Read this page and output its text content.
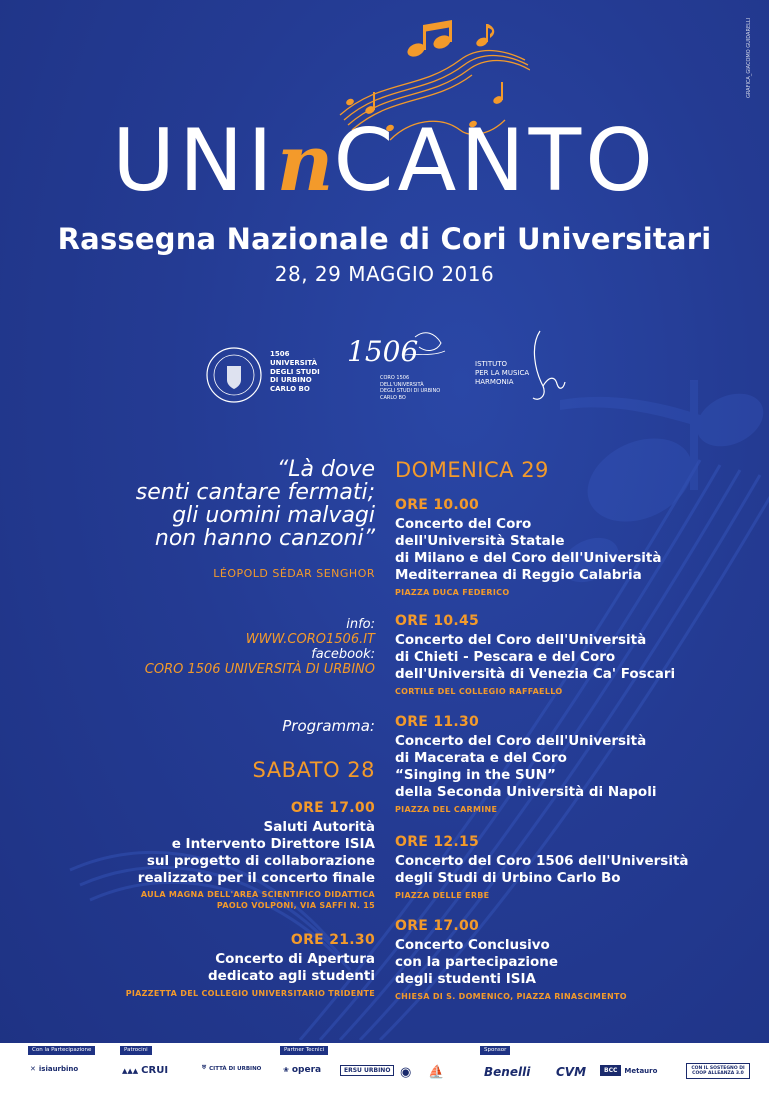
GRAFICA_GIACOMO GUIDARELLI
UNInCANTO
Rassegna Nazionale di Cori Universitari
28, 29 MAGGIO 2016
1506
UNIVERSITÀ
DEGLI STUDI
DI URBINO
CARLO BO
1506
CORO 1506
DELL'UNIVERSITÀ
DEGLI STUDI DI URBINO
CARLO BO
ISTITUTO
PER LA MUSICA
HARMONIA
“Là dove
senti cantare fermati;
gli uomini malvagi
non hanno canzoni”
LÉOPOLD SÉDAR SENGHOR
info:
WWW.CORO1506.IT
facebook:
CORO 1506 UNIVERSITÀ DI URBINO
Programma:
SABATO 28
ORE 17.00
Saluti Autorità
e Intervento Direttore ISIA
sul progetto di collaborazione
realizzato per il concerto finale
AULA MAGNA DELL'AREA SCIENTIFICO DIDATTICA
PAOLO VOLPONI, VIA SAFFI N. 15
ORE 21.30
Concerto di Apertura
dedicato agli studenti
PIAZZETTA DEL COLLEGIO UNIVERSITARIO TRIDENTE
DOMENICA 29
ORE 10.00
Concerto del Coro
dell'Università Statale
di Milano e del Coro dell'Università
Mediterranea di Reggio Calabria
PIAZZA DUCA FEDERICO
ORE 10.45
Concerto del Coro dell'Università
di Chieti - Pescara e del Coro
dell'Università di Venezia Ca' Foscari
CORTILE DEL COLLEGIO RAFFAELLO
ORE 11.30
Concerto del Coro dell'Università
di Macerata e del Coro
“Singing in the SUN”
della Seconda Università di Napoli
PIAZZA DEL CARMINE
ORE 12.15
Concerto del Coro 1506 dell'Università
degli Studi di Urbino Carlo Bo
PIAZZA DELLE ERBE
ORE 17.00
Concerto Conclusivo
con la partecipazione
degli studenti ISIA
CHIESA DI S. DOMENICO, PIAZZA RINASCIMENTO
Con la Partecipazione	Patrocini	Partner Tecnici	Sponsor
✕ isiaurbino	▲▲▲ CRUI	⛨ CITTÀ DI URBINO	❀ opera	ERSU URBINO ◉ ⛵	Benelli CVM	BCC	Metauro	CON IL SOSTEGNO DI COOP ALLEANZA 3.0
